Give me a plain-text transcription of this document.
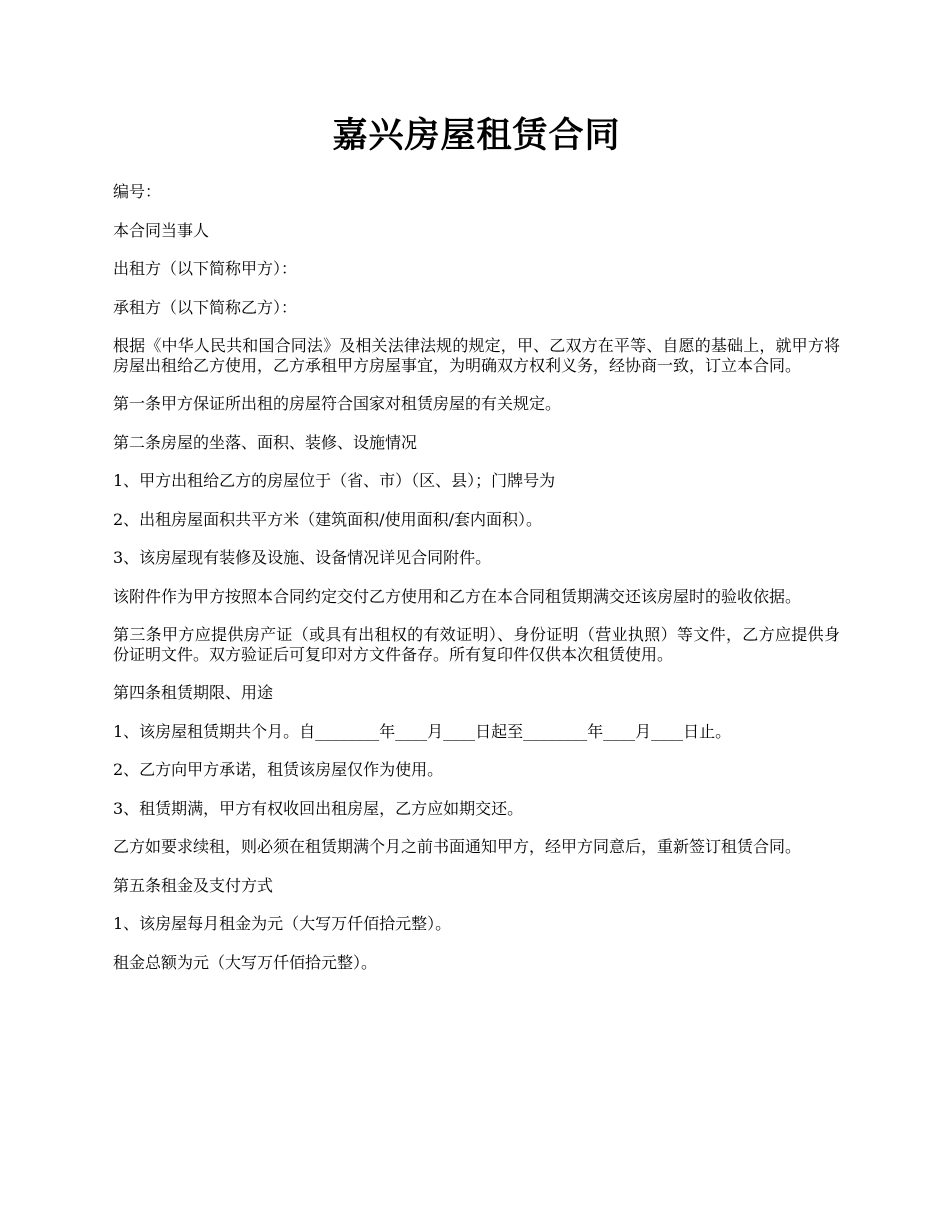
嘉兴房屋租赁合同

编号：

本合同当事人

出租方（以下简称甲方）：

承租方（以下简称乙方）：

根据《中华人民共和国合同法》及相关法律法规的规定，甲、乙双方在平等、自愿的基础上，就甲方将房屋出租给乙方使用，乙方承租甲方房屋事宜，为明确双方权利义务，经协商一致，订立本合同。

第一条甲方保证所出租的房屋符合国家对租赁房屋的有关规定。

第二条房屋的坐落、面积、装修、设施情况

1、甲方出租给乙方的房屋位于（省、市）（区、县）；门牌号为

2、出租房屋面积共平方米（建筑面积/使用面积/套内面积）。

3、该房屋现有装修及设施、设备情况详见合同附件。

该附件作为甲方按照本合同约定交付乙方使用和乙方在本合同租赁期满交还该房屋时的验收依据。

第三条甲方应提供房产证（或具有出租权的有效证明）、身份证明（营业执照）等文件，乙方应提供身份证明文件。双方验证后可复印对方文件备存。所有复印件仅供本次租赁使用。

第四条租赁期限、用途

1、该房屋租赁期共个月。自________年____月____日起至________年____月____日止。

2、乙方向甲方承诺，租赁该房屋仅作为使用。

3、租赁期满，甲方有权收回出租房屋，乙方应如期交还。

乙方如要求续租，则必须在租赁期满个月之前书面通知甲方，经甲方同意后，重新签订租赁合同。

第五条租金及支付方式

1、该房屋每月租金为元（大写万仟佰拾元整）。

租金总额为元（大写万仟佰拾元整）。
